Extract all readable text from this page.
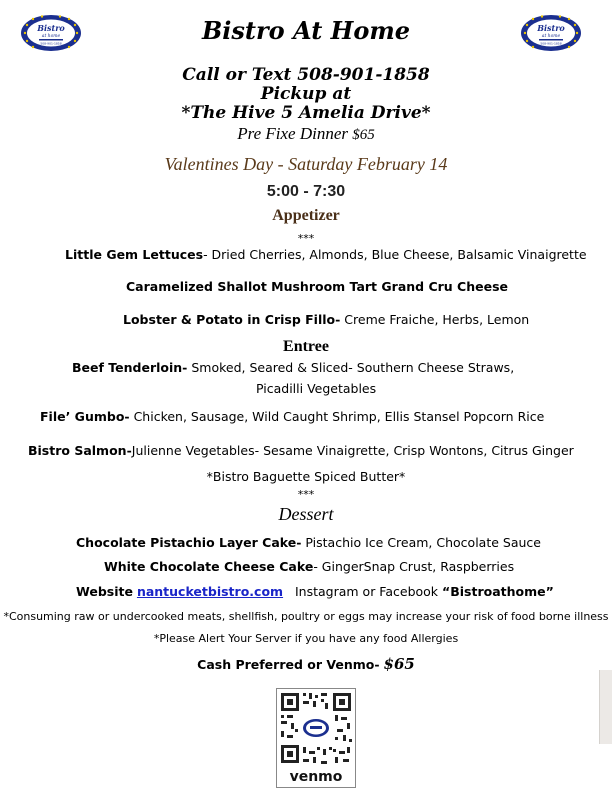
Bistro
at home
508-901-1858
Bistro
at home
508-901-1858
Bistro At Home
Call or Text 508-901-1858
Pickup at
*The Hive 5 Amelia Drive*
Pre Fixe Dinner $65
Valentines Day - Saturday February 14
5:00 - 7:30
Appetizer
***
Little Gem Lettuces- Dried Cherries, Almonds, Blue Cheese, Balsamic Vinaigrette
Caramelized Shallot Mushroom Tart Grand Cru Cheese
Lobster & Potato in Crisp Fillo- Creme Fraiche, Herbs, Lemon
Entree
Beef Tenderloin- Smoked, Seared & Sliced- Southern Cheese Straws,
Picadilli Vegetables
File’ Gumbo- Chicken, Sausage, Wild Caught Shrimp, Ellis Stansel Popcorn Rice
Bistro Salmon-Julienne Vegetables- Sesame Vinaigrette, Crisp Wontons, Citrus Ginger
*Bistro Baguette Spiced Butter*
***
Dessert
Chocolate Pistachio Layer Cake- Pistachio Ice Cream, Chocolate Sauce
White Chocolate Cheese Cake- GingerSnap Crust, Raspberries
Website nantucketbistro.com Instagram or Facebook “Bistroathome”
*Consuming raw or undercooked meats, shellfish, poultry or eggs may increase your risk of food borne illness
*Please Alert Your Server if you have any food Allergies
Cash Preferred or Venmo- $65
venmo
